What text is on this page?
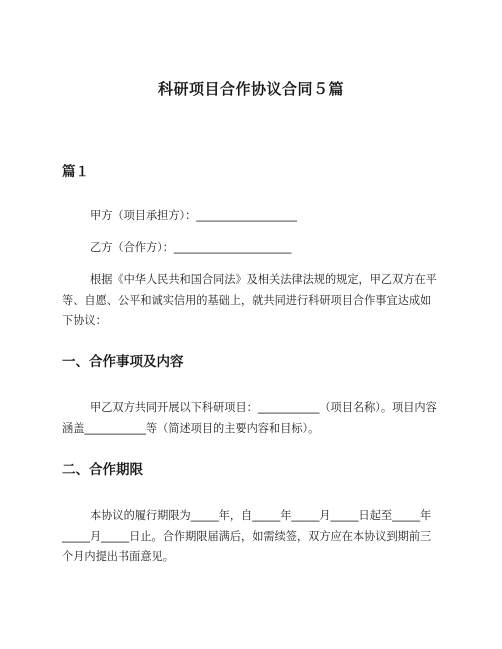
科研项目合作协议合同５篇
篇１
甲方（项目承担方）：__________________
乙方（合作方）：_____________________
根据《中华人民共和国合同法》及相关法律法规的规定，甲乙双方在平等、自愿、公平和诚实信用的基础上，就共同进行科研项目合作事宜达成如下协议：
一、合作事项及内容
甲乙双方共同开展以下科研项目：___________（项目名称）。项目内容涵盖___________等（简述项目的主要内容和目标）。
二、合作期限
本协议的履行期限为_____年，自_____年_____月_____日起至_____年_____月_____日止。合作期限届满后，如需续签，双方应在本协议到期前三个月内提出书面意见。
